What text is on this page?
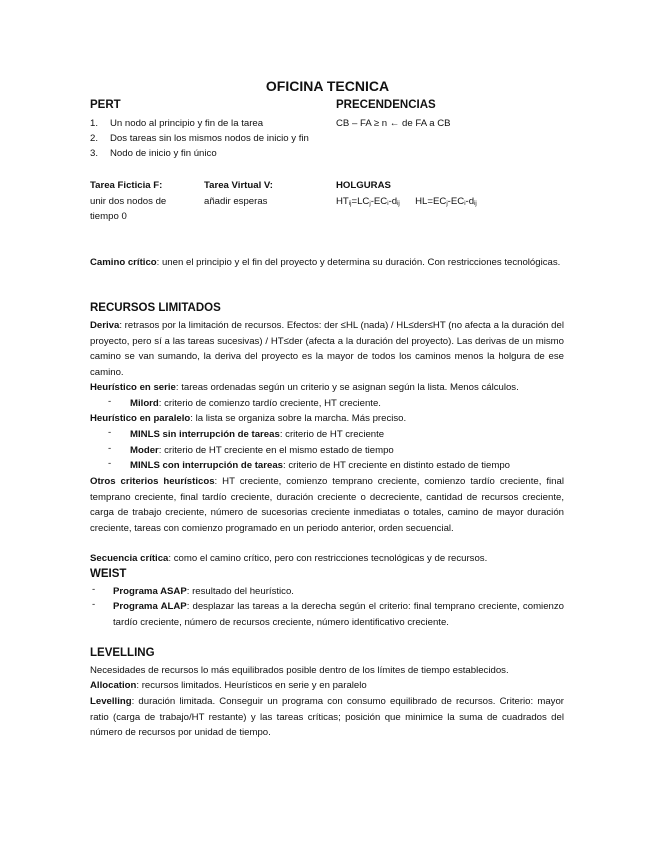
OFICINA TECNICA
PERT
1. Un nodo al principio y fin de la tarea
2. Dos tareas sin los mismos nodos de inicio y fin
3. Nodo de inicio y fin único
PRECENDENCIAS
CB – FA ≥ n ← de FA a CB
Tarea Ficticia F:
unir dos nodos de
tiempo 0
Tarea Virtual V:
añadir esperas
HOLGURAS
$HT_{ij}=LC_j-EC_i-d_{ij}$ $HL=EC_j-EC_i-d_{ij}$
Camino crítico: unen el principio y el fin del proyecto y determina su duración. Con restricciones tecnológicas.
RECURSOS LIMITADOS
Deriva: retrasos por la limitación de recursos. Efectos: der ≤HL (nada) / HL≤der≤HT (no afecta a la duración del proyecto, pero sí a las tareas sucesivas) / HT≤der (afecta a la duración del proyecto). Las derivas de un mismo camino se van sumando, la deriva del proyecto es la mayor de todos los caminos menos la holgura de ese camino.
Heurístico en serie: tareas ordenadas según un criterio y se asignan según la lista. Menos cálculos.
- Milord: criterio de comienzo tardío creciente, HT creciente.
Heurístico en paralelo: la lista se organiza sobre la marcha. Más preciso.
- MINLS sin interrupción de tareas: criterio de HT creciente
- Moder: criterio de HT creciente en el mismo estado de tiempo
- MINLS con interrupción de tareas: criterio de HT creciente en distinto estado de tiempo
Otros criterios heurísticos: HT creciente, comienzo temprano creciente, comienzo tardío creciente, final temprano creciente, final tardío creciente, duración creciente o decreciente, cantidad de recursos creciente, carga de trabajo creciente, número de sucesorias creciente inmediatas o totales, camino de mayor duración creciente, tareas con comienzo programado en un periodo anterior, orden secuencial.
Secuencia crítica: como el camino crítico, pero con restricciones tecnológicas y de recursos.
WEIST
- Programa ASAP: resultado del heurístico.
- Programa ALAP: desplazar las tareas a la derecha según el criterio: final temprano creciente, comienzo tardío creciente, número de recursos creciente, número identificativo creciente.
LEVELLING
Necesidades de recursos lo más equilibrados posible dentro de los límites de tiempo establecidos.
Allocation: recursos limitados. Heurísticos en serie y en paralelo
Levelling: duración limitada. Conseguir un programa con consumo equilibrado de recursos. Criterio: mayor ratio (carga de trabajo/HT restante) y las tareas críticas; posición que minimice la suma de cuadrados del número de recursos por unidad de tiempo.
